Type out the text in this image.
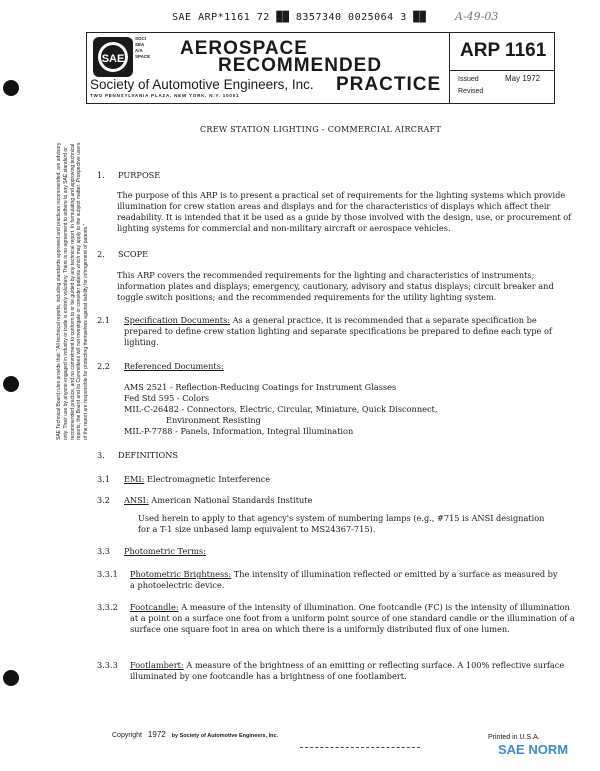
SAE ARP*1161 72 ██ 8357340 0025064 3 ██	A-49-03
SAE
SOCI
SEA
A/A
SPACE AEROSPACE
RECOMMENDED
PRACTICE
Society of Automotive Engineers, Inc.
TWO PENNSYLVANIA PLAZA, NEW YORK, N.Y. 10001
ARP 1161
Issued	May 1972
Revised
CREW STATION LIGHTING - COMMERCIAL AIRCRAFT
SAE Technical Board rules provide that: "All technical reports, including standards approved and practices recommended, are advisory only. Their use by anyone engaged in industry or trade is entirely voluntary. There is no agreement to adhere to any SAE standard or recommended practice, and no commitment to conform to or be guided by any technical report. In formulating and approving technical reports, the Board and its Committees will not investigate or consider patents which may apply to the subject matter. Prospective users of the report are responsible for protecting themselves against liability for infringement of patents."
1. PURPOSE
The purpose of this ARP is to present a practical set of requirements for the lighting systems which provide illumination for crew station areas and displays and for the characteristics of displays which affect their readability. It is intended that it be used as a guide by those involved with the design, use, or procurement of lighting systems for commercial and non-military aircraft or aerospace vehicles.
2. SCOPE
This ARP covers the recommended requirements for the lighting and characteristics of instruments; information plates and displays; emergency, cautionary, advisory and status displays; circuit breaker and toggle switch positions; and the recommended requirements for the utility lighting system.
2.1 Specification Documents: As a general practice, it is recommended that a separate specification be prepared to define crew station lighting and separate specifications be prepared to define each type of lighting.
2.2 Referenced Documents:

AMS 2521 - Reflection-Reducing Coatings for Instrument Glasses

Fed Std 595 - Colors

MIL-C-26482 - Connectors, Electric, Circular, Miniature, Quick Disconnect,

Environment Resisting

MIL-P-7788 - Panels, Information, Integral Illumination

3. DEFINITIONS
3.1 EMI: Electromagnetic Interference
3.2 ANSI: American National Standards Institute
Used herein to apply to that agency's system of numbering lamps (e.g., #715 is ANSI designation for a T-1 size unbased lamp equivalent to MS24367-715).
3.3 Photometric Terms:
3.3.1 Photometric Brightness: The intensity of illumination reflected or emitted by a surface as measured by a photoelectric device.
3.3.2 Footcandle: A measure of the intensity of illumination. One footcandle (FC) is the intensity of illumination at a point on a surface one foot from a uniform point source of one standard candle or the illumination of a surface one square foot in area on which there is a uniformly distributed flux of one lumen.
3.3.3 Footlambert: A measure of the brightness of an emitting or reflecting surface. A 100% reflective surface illuminated by one footcandle has a brightness of one footlambert.
Copyright 1972 by Society of Automotive Engineers, Inc.	Printed in U.S.A.
SAE NORM
